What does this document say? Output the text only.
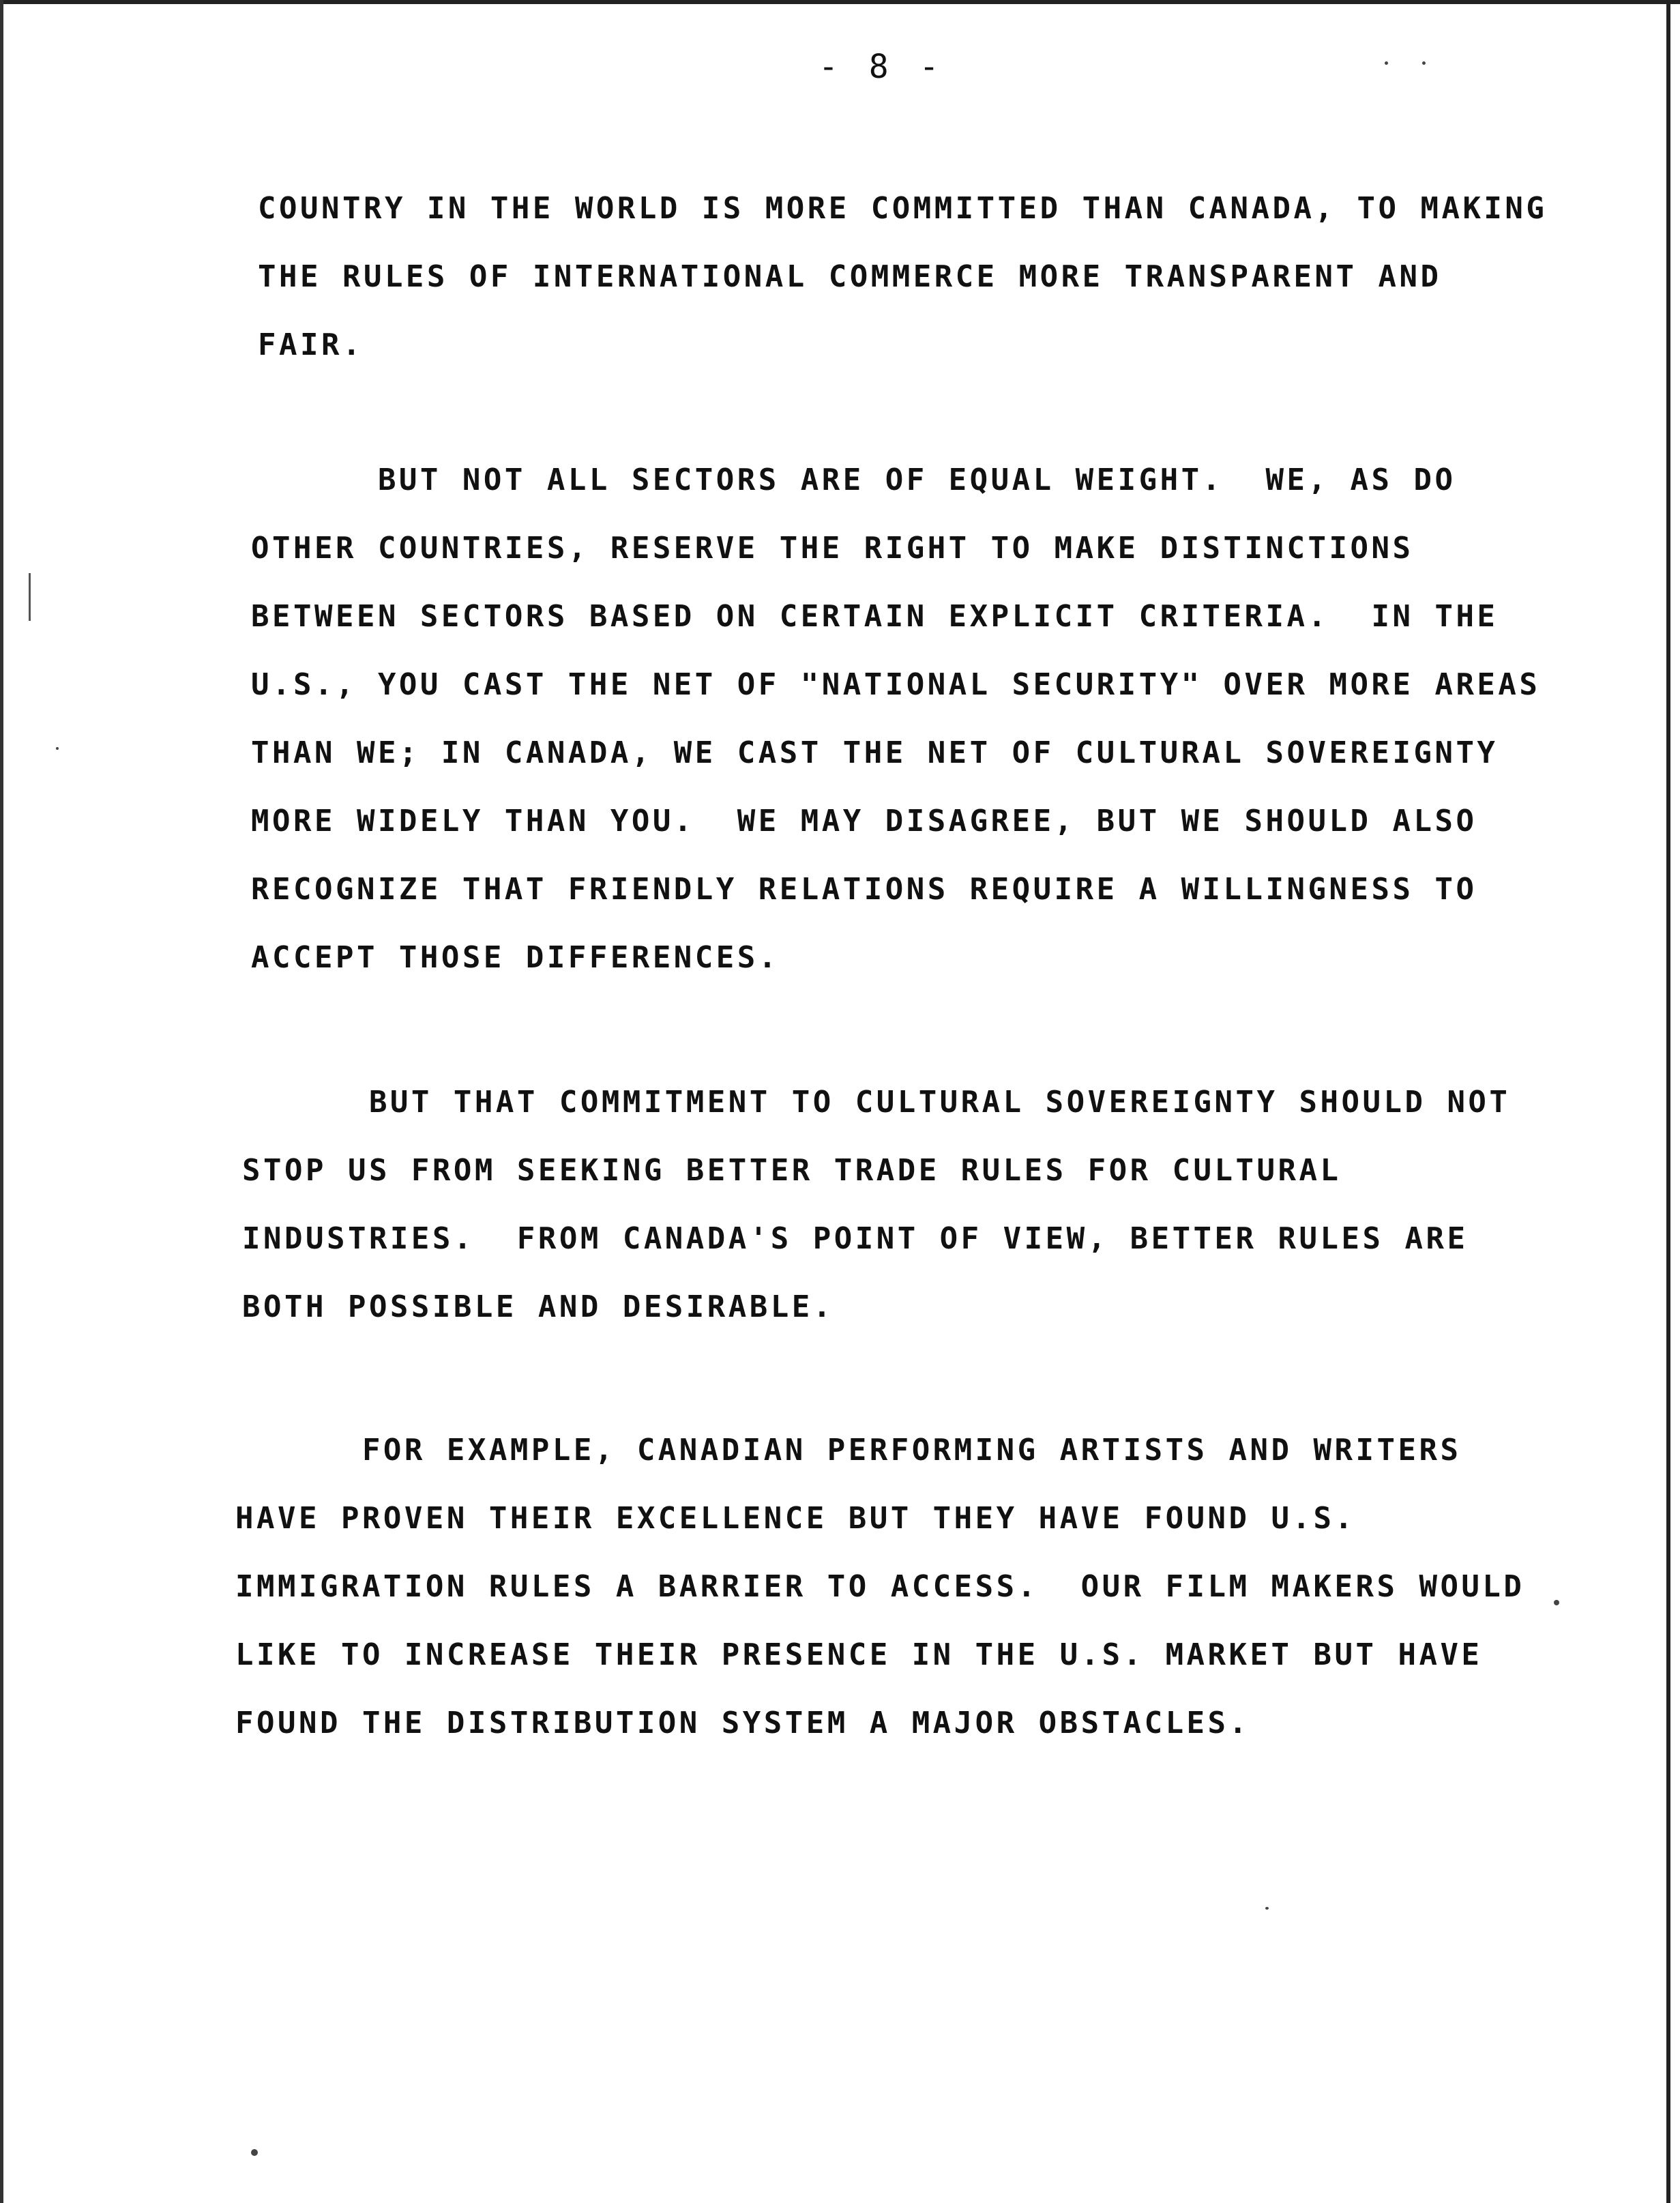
- 8 -
COUNTRY IN THE WORLD IS MORE COMMITTED THAN CANADA, TO MAKING
THE RULES OF INTERNATIONAL COMMERCE MORE TRANSPARENT AND
FAIR.
BUT NOT ALL SECTORS ARE OF EQUAL WEIGHT.  WE, AS DO
OTHER COUNTRIES, RESERVE THE RIGHT TO MAKE DISTINCTIONS
BETWEEN SECTORS BASED ON CERTAIN EXPLICIT CRITERIA.  IN THE
U.S., YOU CAST THE NET OF "NATIONAL SECURITY" OVER MORE AREAS
THAN WE; IN CANADA, WE CAST THE NET OF CULTURAL SOVEREIGNTY
MORE WIDELY THAN YOU.  WE MAY DISAGREE, BUT WE SHOULD ALSO
RECOGNIZE THAT FRIENDLY RELATIONS REQUIRE A WILLINGNESS TO
ACCEPT THOSE DIFFERENCES.
BUT THAT COMMITMENT TO CULTURAL SOVEREIGNTY SHOULD NOT
STOP US FROM SEEKING BETTER TRADE RULES FOR CULTURAL
INDUSTRIES.  FROM CANADA'S POINT OF VIEW, BETTER RULES ARE
BOTH POSSIBLE AND DESIRABLE.
FOR EXAMPLE, CANADIAN PERFORMING ARTISTS AND WRITERS
HAVE PROVEN THEIR EXCELLENCE BUT THEY HAVE FOUND U.S.
IMMIGRATION RULES A BARRIER TO ACCESS.  OUR FILM MAKERS WOULD
LIKE TO INCREASE THEIR PRESENCE IN THE U.S. MARKET BUT HAVE
FOUND THE DISTRIBUTION SYSTEM A MAJOR OBSTACLES.
